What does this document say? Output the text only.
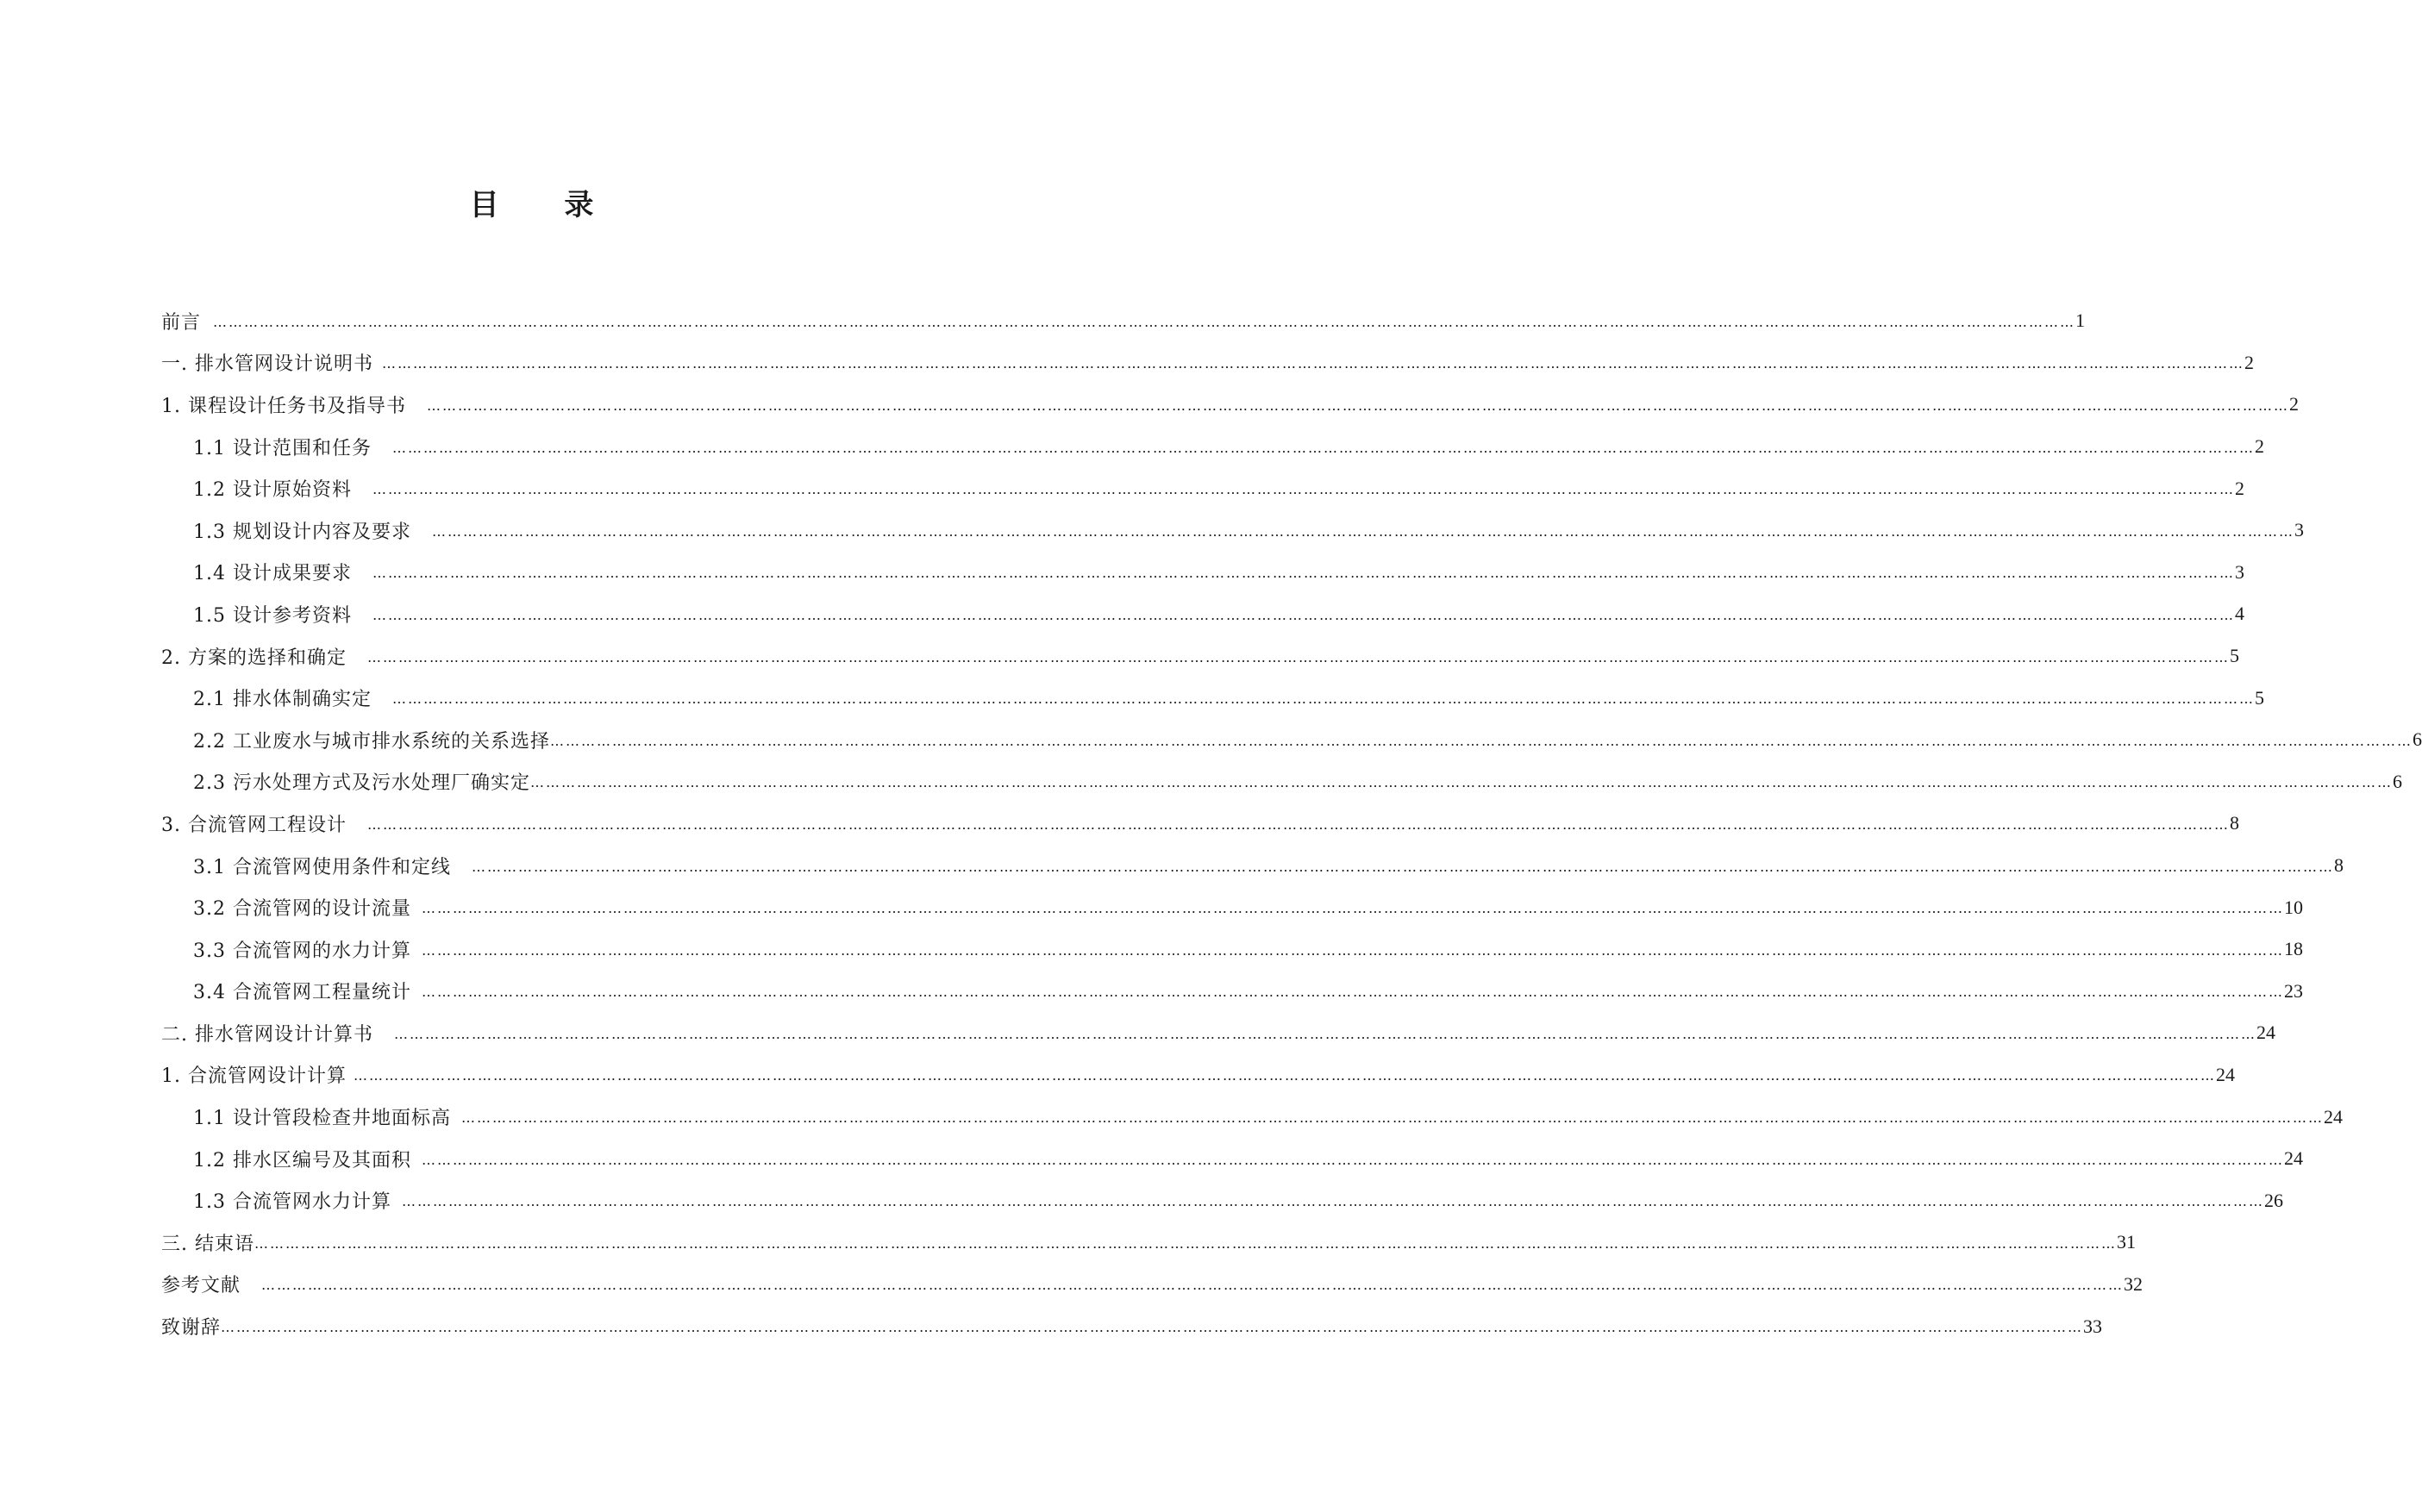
目 录
前言 ……………………………………………………………………………………………………………………………………………………………………………………………………………………………………………………………………………………………………………………………… 1
一. 排水管网设计说明书 ……………………………………………………………………………………………………………………………………………………………………………………………………………………………………………………………………………………………………………………………… 2
1. 课程设计任务书及指导书 ……………………………………………………………………………………………………………………………………………………………………………………………………………………………………………………………………………………………………………………………… 2
1.1 设计范围和任务 ……………………………………………………………………………………………………………………………………………………………………………………………………………………………………………………………………………………………………………………………… 2
1.2 设计原始资料 ……………………………………………………………………………………………………………………………………………………………………………………………………………………………………………………………………………………………………………………………… 2
1.3 规划设计内容及要求 ……………………………………………………………………………………………………………………………………………………………………………………………………………………………………………………………………………………………………………………………… 3
1.4 设计成果要求 ……………………………………………………………………………………………………………………………………………………………………………………………………………………………………………………………………………………………………………………………… 3
1.5 设计参考资料 ……………………………………………………………………………………………………………………………………………………………………………………………………………………………………………………………………………………………………………………………… 4
2. 方案的选择和确定 ……………………………………………………………………………………………………………………………………………………………………………………………………………………………………………………………………………………………………………………………… 5
2.1 排水体制确实定 ……………………………………………………………………………………………………………………………………………………………………………………………………………………………………………………………………………………………………………………………… 5
2.2 工业废水与城市排水系统的关系选择 ……………………………………………………………………………………………………………………………………………………………………………………………………………………………………………………………………………………………………………………………… 6
2.3 污水处理方式及污水处理厂确实定 ……………………………………………………………………………………………………………………………………………………………………………………………………………………………………………………………………………………………………………………………… 6
3. 合流管网工程设计 ……………………………………………………………………………………………………………………………………………………………………………………………………………………………………………………………………………………………………………………………… 8
3.1 合流管网使用条件和定线 ……………………………………………………………………………………………………………………………………………………………………………………………………………………………………………………………………………………………………………………………… 8
3.2 合流管网的设计流量 ……………………………………………………………………………………………………………………………………………………………………………………………………………………………………………………………………………………………………………………………… 10
3.3 合流管网的水力计算 ……………………………………………………………………………………………………………………………………………………………………………………………………………………………………………………………………………………………………………………………… 18
3.4 合流管网工程量统计 ……………………………………………………………………………………………………………………………………………………………………………………………………………………………………………………………………………………………………………………………… 23
二. 排水管网设计计算书 ……………………………………………………………………………………………………………………………………………………………………………………………………………………………………………………………………………………………………………………………… 24
1. 合流管网设计计算 ……………………………………………………………………………………………………………………………………………………………………………………………………………………………………………………………………………………………………………………………… 24
1.1 设计管段检查井地面标高 ……………………………………………………………………………………………………………………………………………………………………………………………………………………………………………………………………………………………………………………………… 24
1.2 排水区编号及其面积 ……………………………………………………………………………………………………………………………………………………………………………………………………………………………………………………………………………………………………………………………… 24
1.3 合流管网水力计算 ……………………………………………………………………………………………………………………………………………………………………………………………………………………………………………………………………………………………………………………………… 26
三. 结束语 ……………………………………………………………………………………………………………………………………………………………………………………………………………………………………………………………………………………………………………………………… 31
参考文献 ……………………………………………………………………………………………………………………………………………………………………………………………………………………………………………………………………………………………………………………………… 32
致谢辞 ……………………………………………………………………………………………………………………………………………………………………………………………………………………………………………………………………………………………………………………………… 33
